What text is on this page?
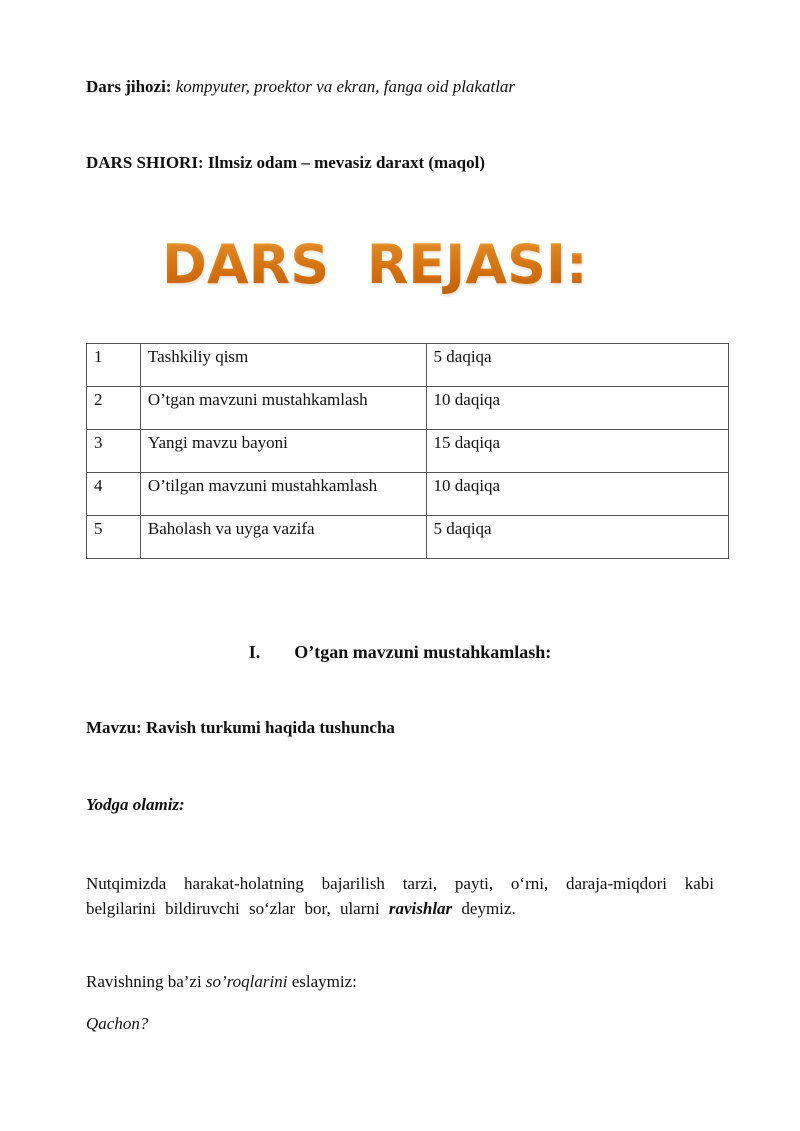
Dars jihozi: kompyuter, proektor va ekran, fanga oid plakatlar
DARS SHIORI: Ilmsiz odam – mevasiz daraxt (maqol)
DARS  REJASI:
1	Tashkiliy qism	5 daqiqa
2	O’tgan mavzuni mustahkamlash	10 daqiqa
3	Yangi mavzu bayoni	15 daqiqa
4	O’tilgan mavzuni mustahkamlash	10 daqiqa
5	Baholash va uyga vazifa	5 daqiqa
I. O’tgan mavzuni mustahkamlash:
Mavzu: Ravish turkumi haqida tushuncha
Yodga olamiz:
Nutqimizda harakat-holatning bajarilish tarzi, payti, o‘rni, daraja-miqdori kabi
belgilarini bildiruvchi so‘zlar bor, ularni ravishlar deymiz.
Ravishning ba’zi so’roqlarini eslaymiz:
Qachon?
